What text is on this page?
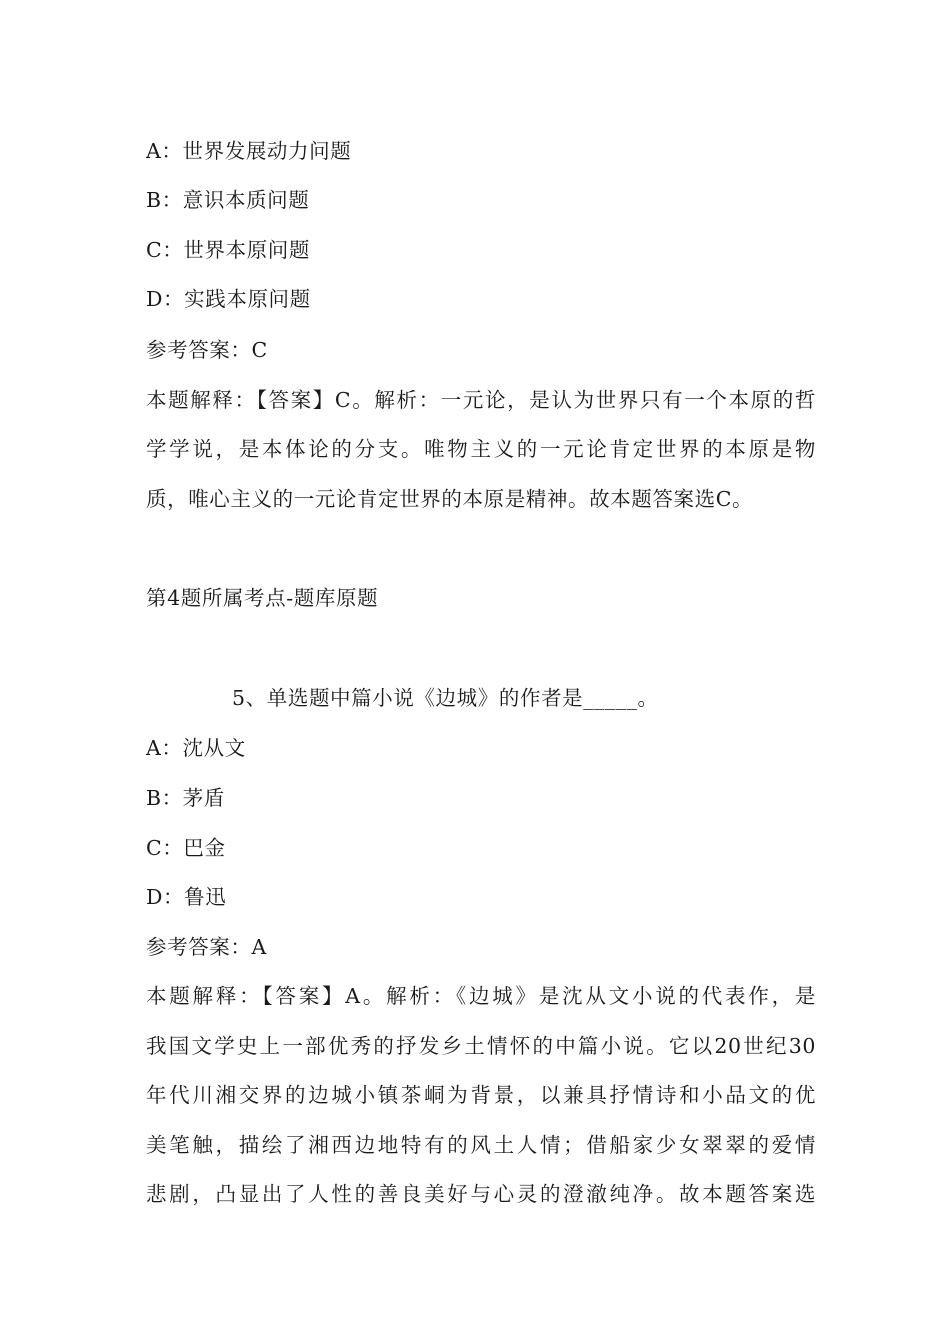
A：世界发展动力问题
B：意识本质问题
C：世界本原问题
D：实践本原问题
参考答案：C
本题解释：【答案】C。解析：一元论，是认为世界只有一个本原的哲
学学说，是本体论的分支。唯物主义的一元论肯定世界的本原是物
质，唯心主义的一元论肯定世界的本原是精神。故本题答案选C。
第4题所属考点-题库原题
5、单选题中篇小说《边城》的作者是_____。
A：沈从文
B：茅盾
C：巴金
D：鲁迅
参考答案：A
本题解释：【答案】A。解析：《边城》是沈从文小说的代表作，是
我国文学史上一部优秀的抒发乡土情怀的中篇小说。它以20世纪30
年代川湘交界的边城小镇茶峒为背景，以兼具抒情诗和小品文的优
美笔触，描绘了湘西边地特有的风土人情；借船家少女翠翠的爱情
悲剧，凸显出了人性的善良美好与心灵的澄澈纯净。故本题答案选
